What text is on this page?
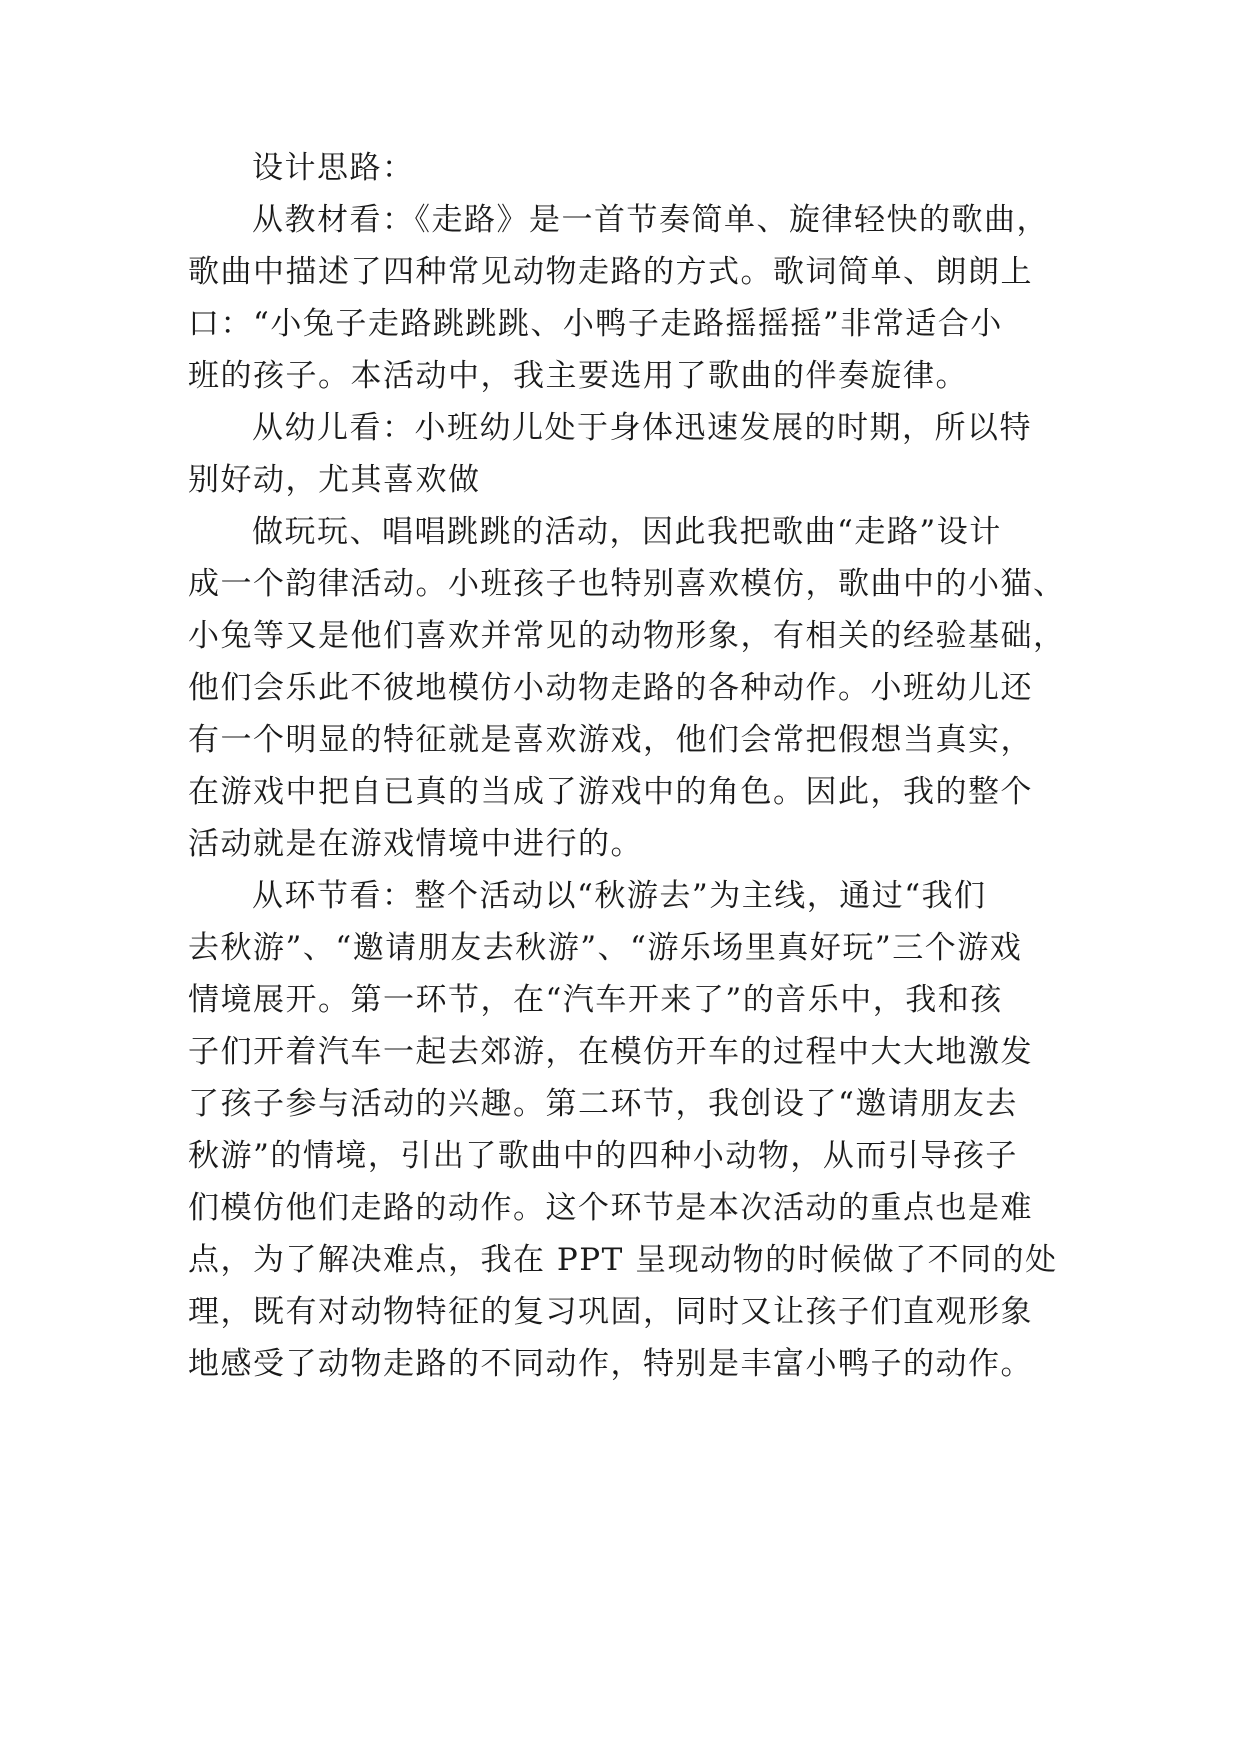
设计思路：
从教材看：《走路》是一首节奏简单、旋律轻快的歌曲，
歌曲中描述了四种常见动物走路的方式。歌词简单、朗朗上
口：“小兔子走路跳跳跳、小鸭子走路摇摇摇”非常适合小
班的孩子。本活动中，我主要选用了歌曲的伴奏旋律。
从幼儿看：小班幼儿处于身体迅速发展的时期，所以特
别好动，尤其喜欢做
做玩玩、唱唱跳跳的活动，因此我把歌曲“走路”设计
成一个韵律活动。小班孩子也特别喜欢模仿，歌曲中的小猫、
小兔等又是他们喜欢并常见的动物形象，有相关的经验基础，
他们会乐此不彼地模仿小动物走路的各种动作。小班幼儿还
有一个明显的特征就是喜欢游戏，他们会常把假想当真实，
在游戏中把自已真的当成了游戏中的角色。因此，我的整个
活动就是在游戏情境中进行的。
从环节看：整个活动以“秋游去”为主线，通过“我们
去秋游”、“邀请朋友去秋游”、“游乐场里真好玩”三个游戏
情境展开。第一环节，在“汽车开来了”的音乐中，我和孩
子们开着汽车一起去郊游，在模仿开车的过程中大大地激发
了孩子参与活动的兴趣。第二环节，我创设了“邀请朋友去
秋游”的情境，引出了歌曲中的四种小动物，从而引导孩子
们模仿他们走路的动作。这个环节是本次活动的重点也是难
点，为了解决难点，我在 PPT 呈现动物的时候做了不同的处
理，既有对动物特征的复习巩固，同时又让孩子们直观形象
地感受了动物走路的不同动作，特别是丰富小鸭子的动作。
